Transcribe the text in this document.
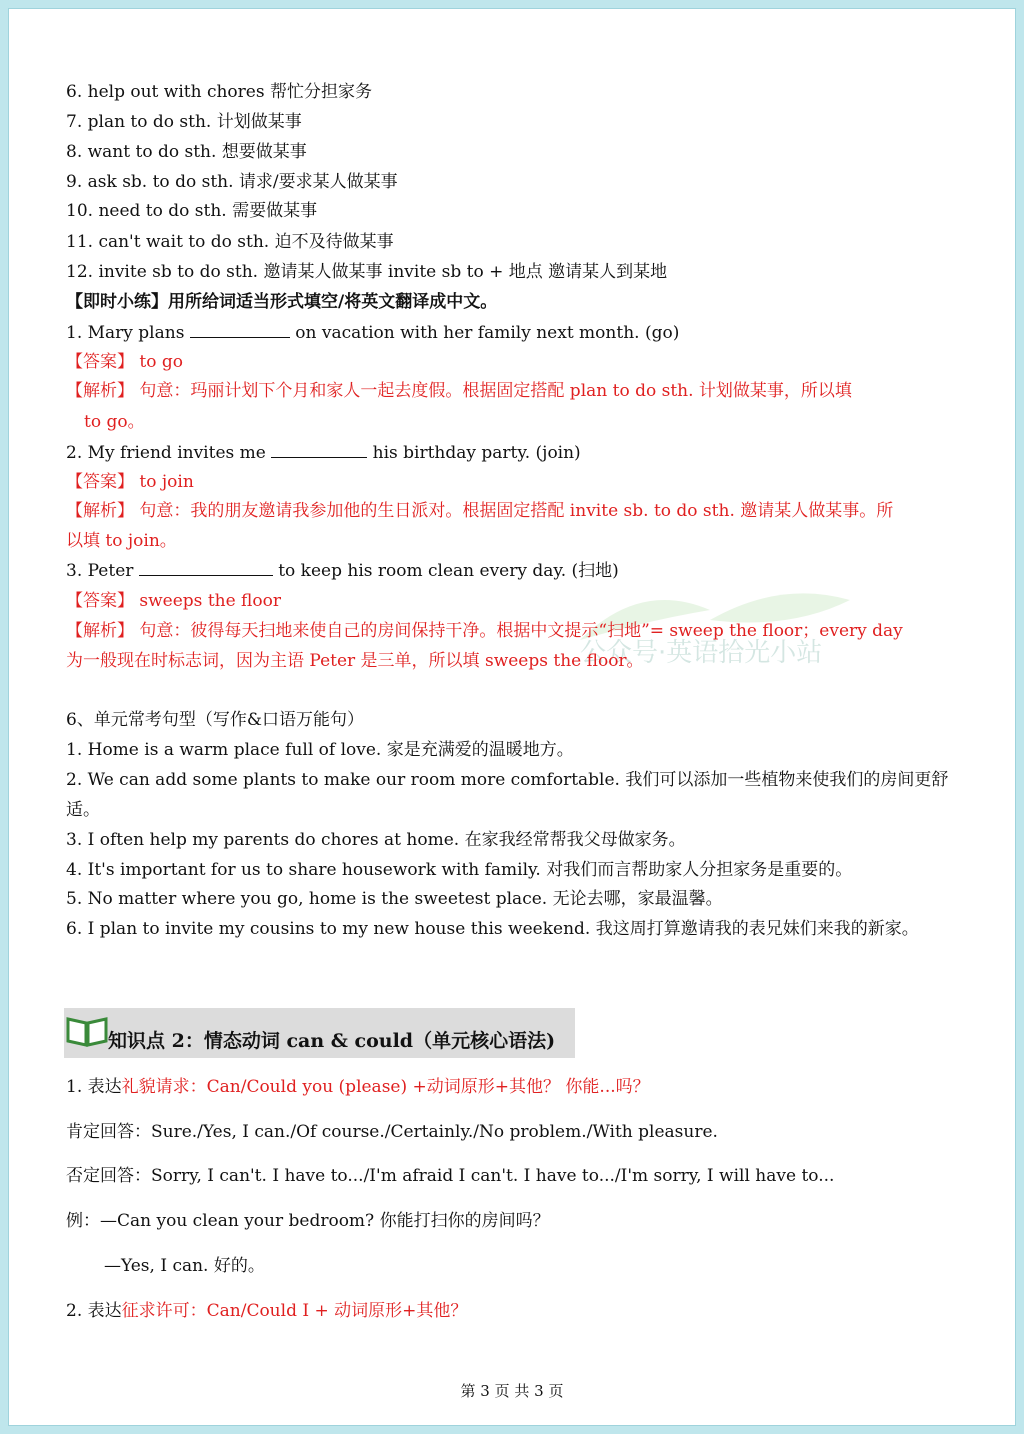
公众号·英语拾光小站
6. help out with chores 帮忙分担家务
7. plan to do sth. 计划做某事
8. want to do sth. 想要做某事
9. ask sb. to do sth. 请求/要求某人做某事
10. need to do sth. 需要做某事
11. can't wait to do sth. 迫不及待做某事
12. invite sb to do sth. 邀请某人做某事 invite sb to + 地点 邀请某人到某地
【即时小练】用所给词适当形式填空/将英文翻译成中文。
1. Mary plans	on vacation with her family next month. (go)
【答案】 to go
【解析】 句意：玛丽计划下个月和家人一起去度假。根据固定搭配 plan to do sth. 计划做某事，所以填
to go。
2. My friend invites me	his birthday party. (join)
【答案】 to join
【解析】 句意：我的朋友邀请我参加他的生日派对。根据固定搭配 invite sb. to do sth. 邀请某人做某事。所
以填 to join。
3. Peter	to keep his room clean every day. (扫地)
【答案】 sweeps the floor
【解析】 句意：彼得每天扫地来使自己的房间保持干净。根据中文提示“扫地”= sweep the floor；every day
为一般现在时标志词，因为主语 Peter 是三单，所以填 sweeps the floor。
6、单元常考句型（写作&口语万能句）
1. Home is a warm place full of love. 家是充满爱的温暖地方。
2. We can add some plants to make our room more comfortable. 我们可以添加一些植物来使我们的房间更舒
适。
3. I often help my parents do chores at home. 在家我经常帮我父母做家务。
4. It's important for us to share housework with family. 对我们而言帮助家人分担家务是重要的。
5. No matter where you go, home is the sweetest place. 无论去哪，家最温馨。
6. I plan to invite my cousins to my new house this weekend. 我这周打算邀请我的表兄妹们来我的新家。
知识点 2：情态动词 can & could（单元核心语法)
1. 表达礼貌请求：Can/Could you (please) +动词原形+其他？ 你能...吗？
肯定回答：Sure./Yes, I can./Of course./Certainly./No problem./With pleasure.
否定回答：Sorry, I can't. I have to.../I'm afraid I can't. I have to.../I'm sorry, I will have to...
例：—Can you clean your bedroom? 你能打扫你的房间吗？
—Yes, I can. 好的。
2. 表达征求许可：Can/Could I + 动词原形+其他？
第 3 页 共 3 页
